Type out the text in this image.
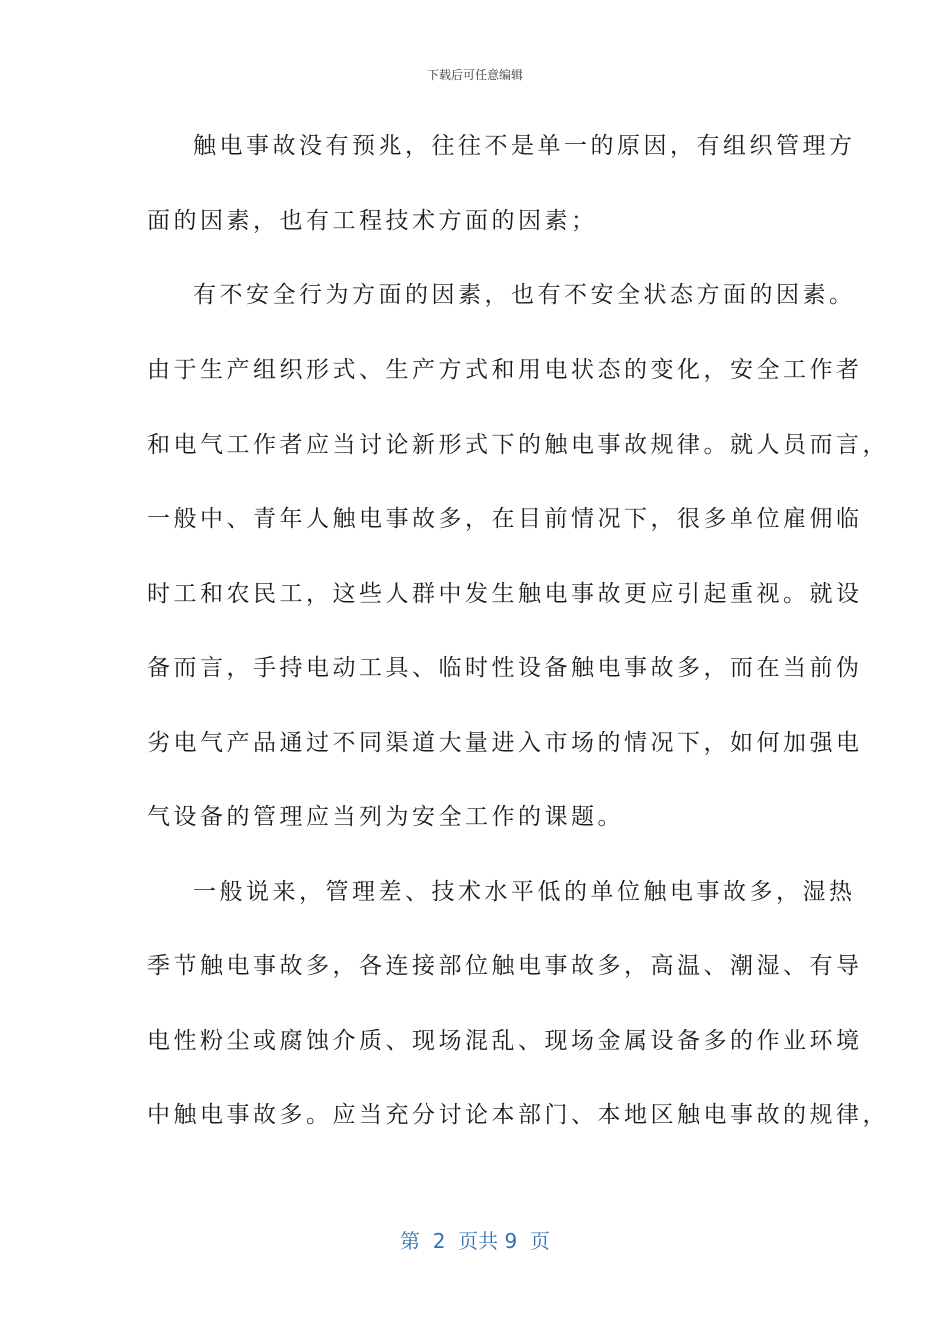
下载后可任意编辑
触电事故没有预兆，往往不是单一的原因，有组织管理方
面的因素，也有工程技术方面的因素；
有不安全行为方面的因素，也有不安全状态方面的因素。
由于生产组织形式、生产方式和用电状态的变化，安全工作者
和电气工作者应当讨论新形式下的触电事故规律。就人员而言，
一般中、青年人触电事故多，在目前情况下，很多单位雇佣临
时工和农民工，这些人群中发生触电事故更应引起重视。就设
备而言，手持电动工具、临时性设备触电事故多，而在当前伪
劣电气产品通过不同渠道大量进入市场的情况下，如何加强电
气设备的管理应当列为安全工作的课题。
一般说来，管理差、技术水平低的单位触电事故多，湿热
季节触电事故多，各连接部位触电事故多，高温、潮湿、有导
电性粉尘或腐蚀介质、现场混乱、现场金属设备多的作业环境
中触电事故多。应当充分讨论本部门、本地区触电事故的规律，
第  2  页共 9  页
